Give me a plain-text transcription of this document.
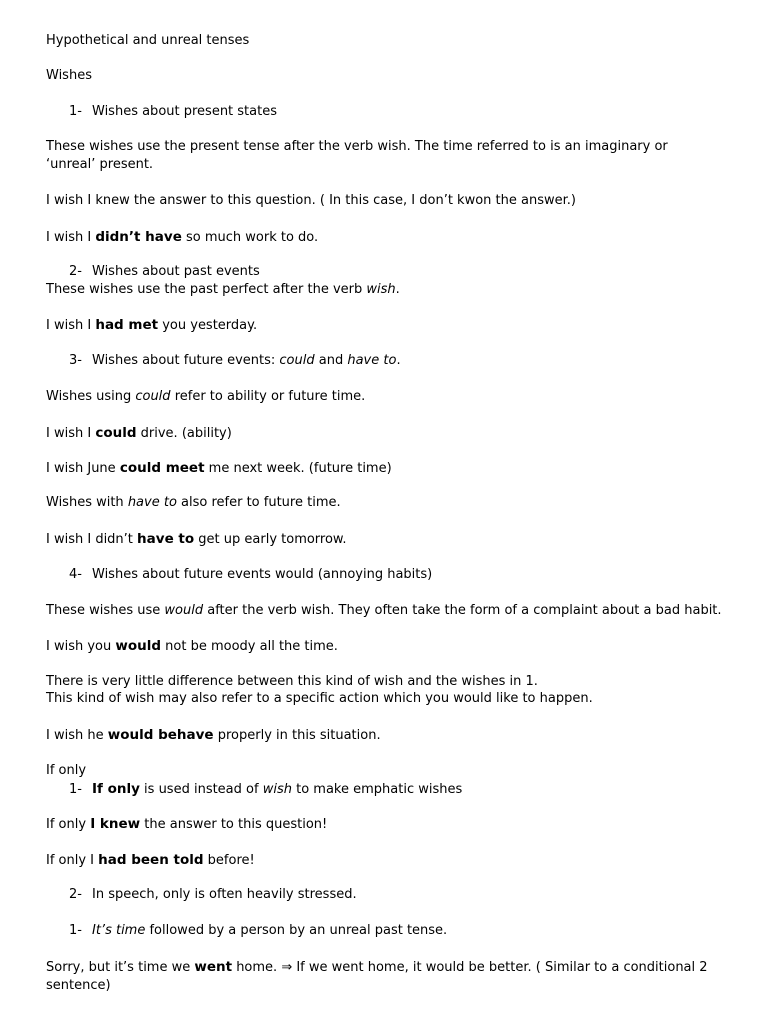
Hypothetical and unreal tenses
Wishes
1- Wishes about present states
These wishes use the present tense after the verb wish. The time referred to is an imaginary or ‘unreal’ present.
I wish I knew the answer to this question. ( In this case, I don’t kwon the answer.)
I wish I didn’t have so much work to do.
2- Wishes about past events
These wishes use the past perfect after the verb wish.
I wish I had met you yesterday.
3- Wishes about future events: could and have to.
Wishes using could refer to ability or future time.
I wish I could drive. (ability)
I wish June could meet me next week. (future time)
Wishes with have to also refer to future time.
I wish I didn’t have to get up early tomorrow.
4- Wishes about future events would (annoying habits)
These wishes use would after the verb wish. They often take the form of a complaint about a bad habit.
I wish you would not be moody all the time.
There is very little difference between this kind of wish and the wishes in 1.
This kind of wish may also refer to a specific action which you would like to happen.
I wish he would behave properly in this situation.
If only
1- If only is used instead of wish to make emphatic wishes
If only I knew the answer to this question!
If only I had been told before!
2- In speech, only is often heavily stressed.
1- It’s time followed by a person by an unreal past tense.
Sorry, but it’s time we went home. ⇒ If we went home, it would be better. ( Similar to a conditional 2 sentence)
